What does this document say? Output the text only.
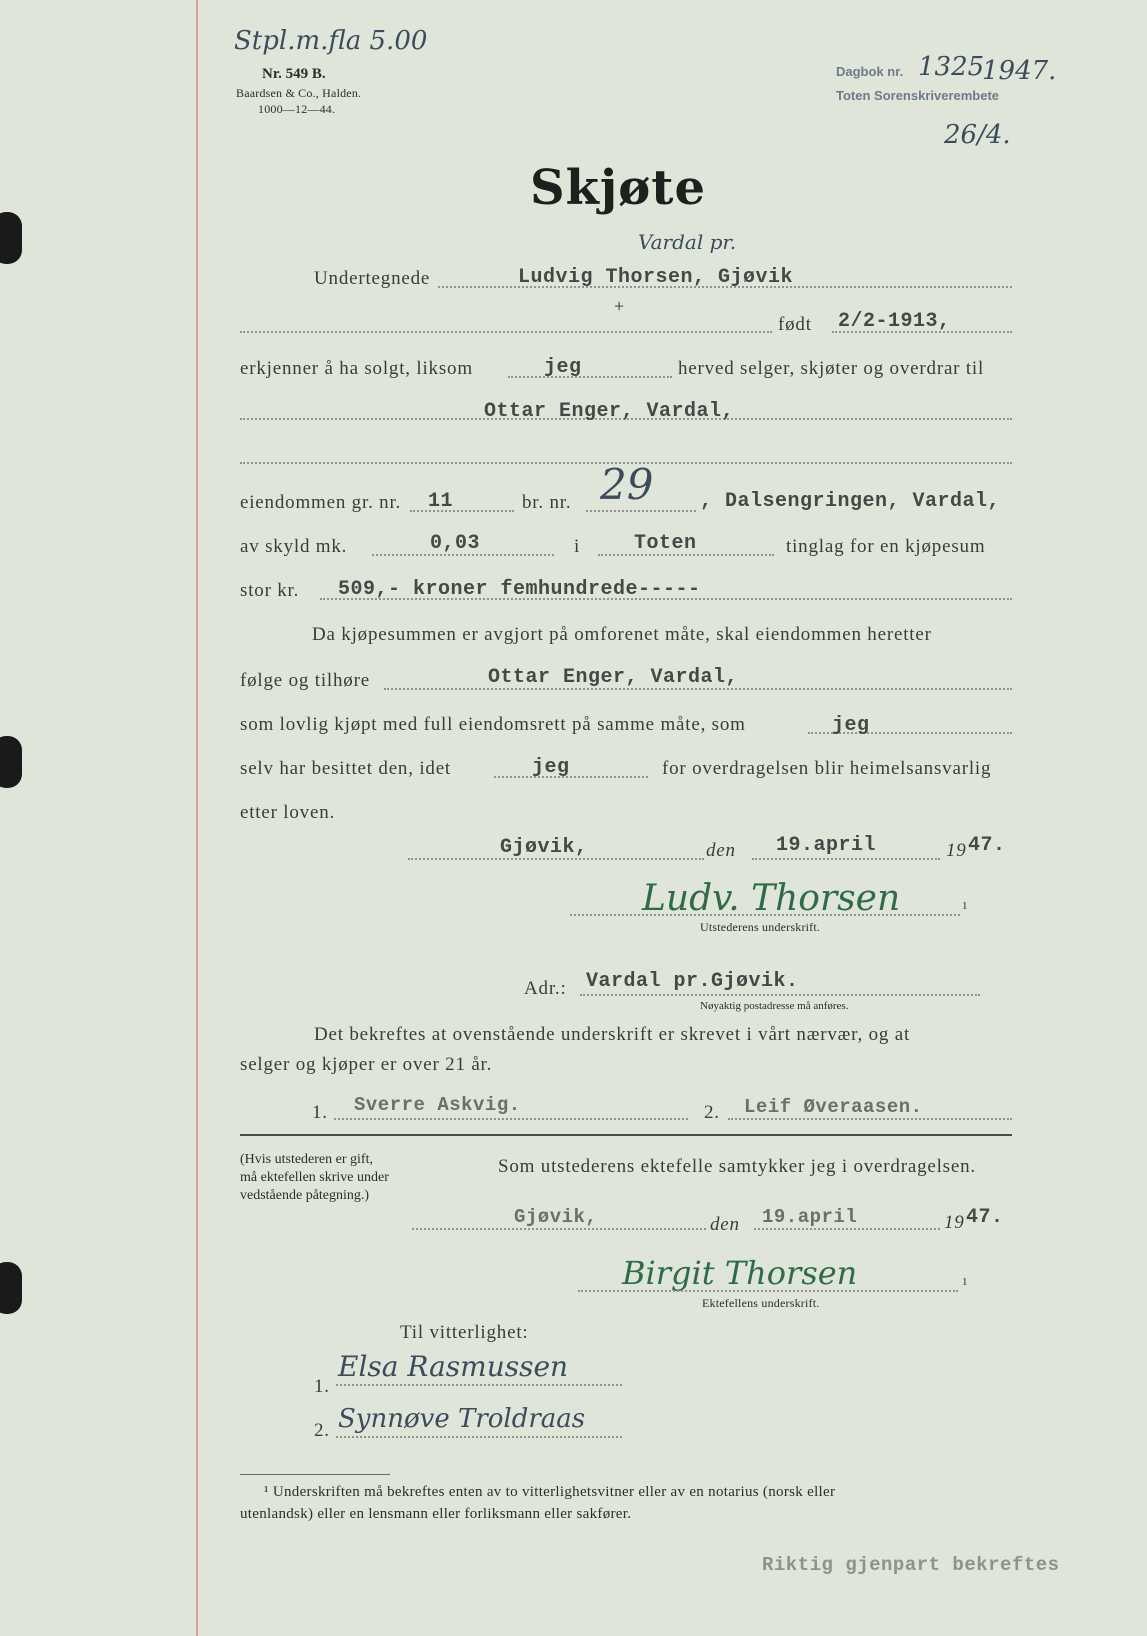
Stpl.m.fla 5.00
Nr. 549 B.
Baardsen & Co., Halden.
1000—12—44.
Dagbok nr. 1325
1947.
Toten Sorenskriverembete
26/4.
Skjøte
Vardal pr.
Undertegnede	Ludvig Thorsen, Gjøvik
+
født 2/2-1913,
erkjenner å ha solgt, liksom	jeg	herved selger, skjøter og overdrar til
Ottar Enger, Vardal,
eiendommen gr. nr. 11	br. nr. 29 , Dalsengringen, Vardal,
av skyld mk.	0,03	i	Toten	tinglag for en kjøpesum
stor kr. 509,- kroner femhundrede-----
Da kjøpesummen er avgjort på omforenet måte, skal eiendommen heretter
følge og tilhøre	Ottar Enger, Vardal,
som lovlig kjøpt med full eiendomsrett på samme måte, som	jeg
selv har besittet den, idet	jeg	for overdragelsen blir heimelsansvarlig
etter loven.
Gjøvik,	den 19.april	19 47.
Ludv. Thorsen	1
Utstederens underskrift.
Adr.: Vardal pr.Gjøvik.
Nøyaktig postadresse må anføres.
Det bekreftes at ovenstående underskrift er skrevet i vårt nærvær, og at
selger og kjøper er over 21 år.
1. Sverre Askvig.	2. Leif Øveraasen.
(Hvis utstederen er gift,
må ektefellen skrive under
vedstående påtegning.)
Som utstederens ektefelle samtykker jeg i overdragelsen.
Gjøvik,	den 19.april	19 47.
Birgit Thorsen	1
Ektefellens underskrift.
Til vitterlighet:
1.
Elsa Rasmussen
2. Synnøve Troldraas
¹ Underskriften må bekreftes enten av to vitterlighetsvitner eller av en notarius (norsk eller
utenlandsk) eller en lensmann eller forliksmann eller sakfører.
Riktig gjenpart bekreftes
